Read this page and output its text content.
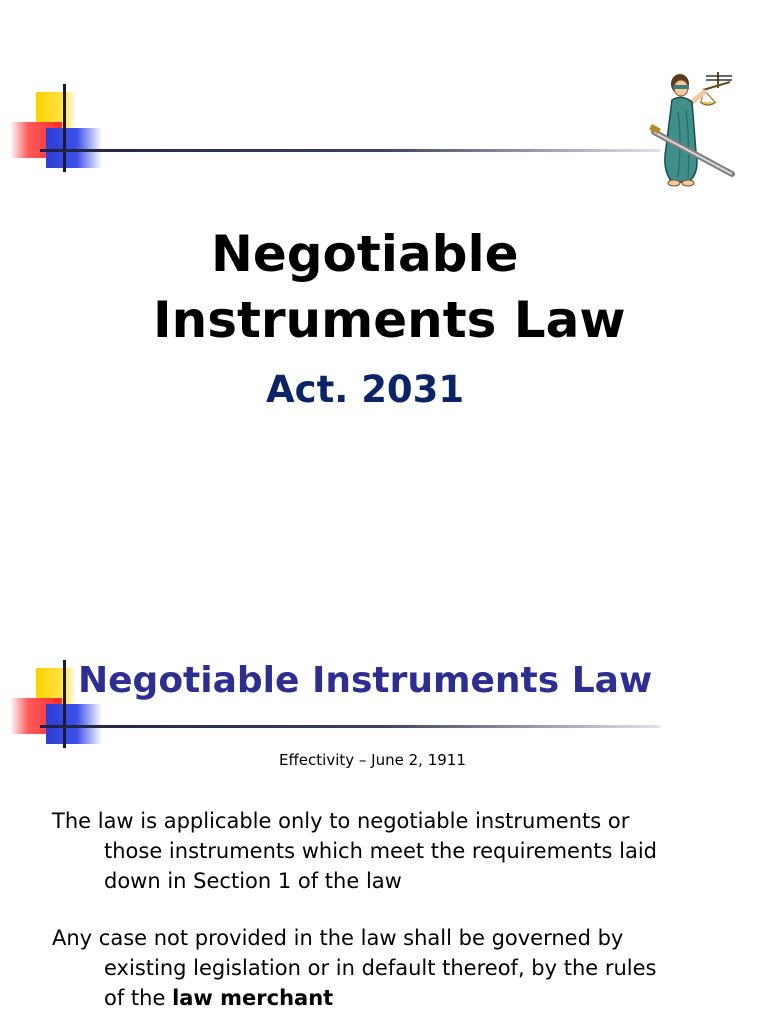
Negotiable
Instruments Law
Act. 2031
Negotiable Instruments Law

Effectivity – June 2, 1911

The law is applicable only to negotiable instruments or
those instruments which meet the requirements laid
down in Section 1 of the law
Any case not provided in the law shall be governed by
existing legislation or in default thereof, by the rules
of the law merchant
